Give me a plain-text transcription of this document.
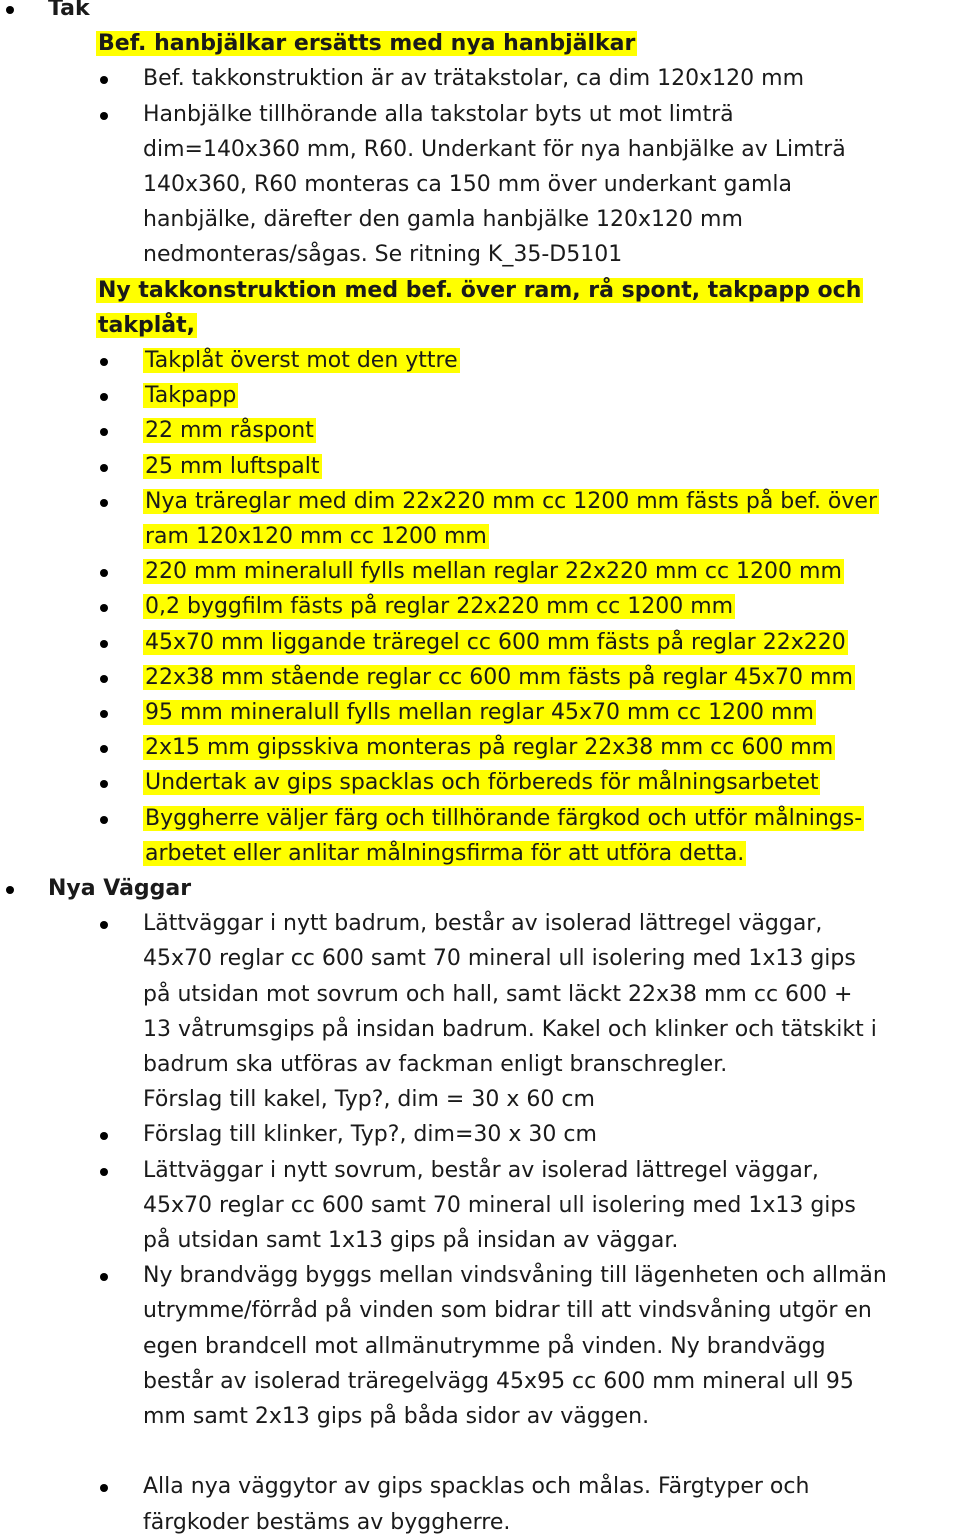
Tak
Bef. hanbjälkar ersätts med nya hanbjälkar
Bef. takkonstruktion är av trätakstolar, ca dim 120x120 mm
Hanbjälke tillhörande alla takstolar byts ut mot limträ
dim=140x360 mm, R60. Underkant för nya hanbjälke av Limträ
140x360, R60 monteras ca 150 mm över underkant gamla
hanbjälke, därefter den gamla hanbjälke 120x120 mm
nedmonteras/sågas. Se ritning K_35-D5101
Ny takkonstruktion med bef. över ram, rå spont, takpapp och
takplåt,
Takplåt överst mot den yttre
Takpapp
22 mm råspont
25 mm luftspalt
Nya träreglar med dim 22x220 mm cc 1200 mm fästs på bef. över
ram 120x120 mm cc 1200 mm
220 mm mineralull fylls mellan reglar 22x220 mm cc 1200 mm
0,2 byggfilm fästs på reglar 22x220 mm cc 1200 mm
45x70 mm liggande träregel cc 600 mm fästs på reglar 22x220
22x38 mm stående reglar cc 600 mm fästs på reglar 45x70 mm
95 mm mineralull fylls mellan reglar 45x70 mm cc 1200 mm
2x15 mm gipsskiva monteras på reglar 22x38 mm cc 600 mm
Undertak av gips spacklas och förbereds för målningsarbetet
Byggherre väljer färg och tillhörande färgkod och utför målnings-
arbetet eller anlitar målningsfirma för att utföra detta.
Nya Väggar
Lättväggar i nytt badrum, består av isolerad lättregel väggar,
45x70 reglar cc 600 samt 70 mineral ull isolering med 1x13 gips
på utsidan mot sovrum och hall, samt läckt 22x38 mm cc 600 +
13 våtrumsgips på insidan badrum. Kakel och klinker och tätskikt i
badrum ska utföras av fackman enligt branschregler.
Förslag till kakel, Typ?, dim = 30 x 60 cm
Förslag till klinker, Typ?, dim=30 x 30 cm
Lättväggar i nytt sovrum, består av isolerad lättregel väggar,
45x70 reglar cc 600 samt 70 mineral ull isolering med 1x13 gips
på utsidan samt 1x13 gips på insidan av väggar.
Ny brandvägg byggs mellan vindsvåning till lägenheten och allmän
utrymme/förråd på vinden som bidrar till att vindsvåning utgör en
egen brandcell mot allmänutrymme på vinden. Ny brandvägg
består av isolerad träregelvägg 45x95 cc 600 mm mineral ull 95
mm samt 2x13 gips på båda sidor av väggen.
Alla nya väggytor av gips spacklas och målas. Färgtyper och
färgkoder bestäms av byggherre.
